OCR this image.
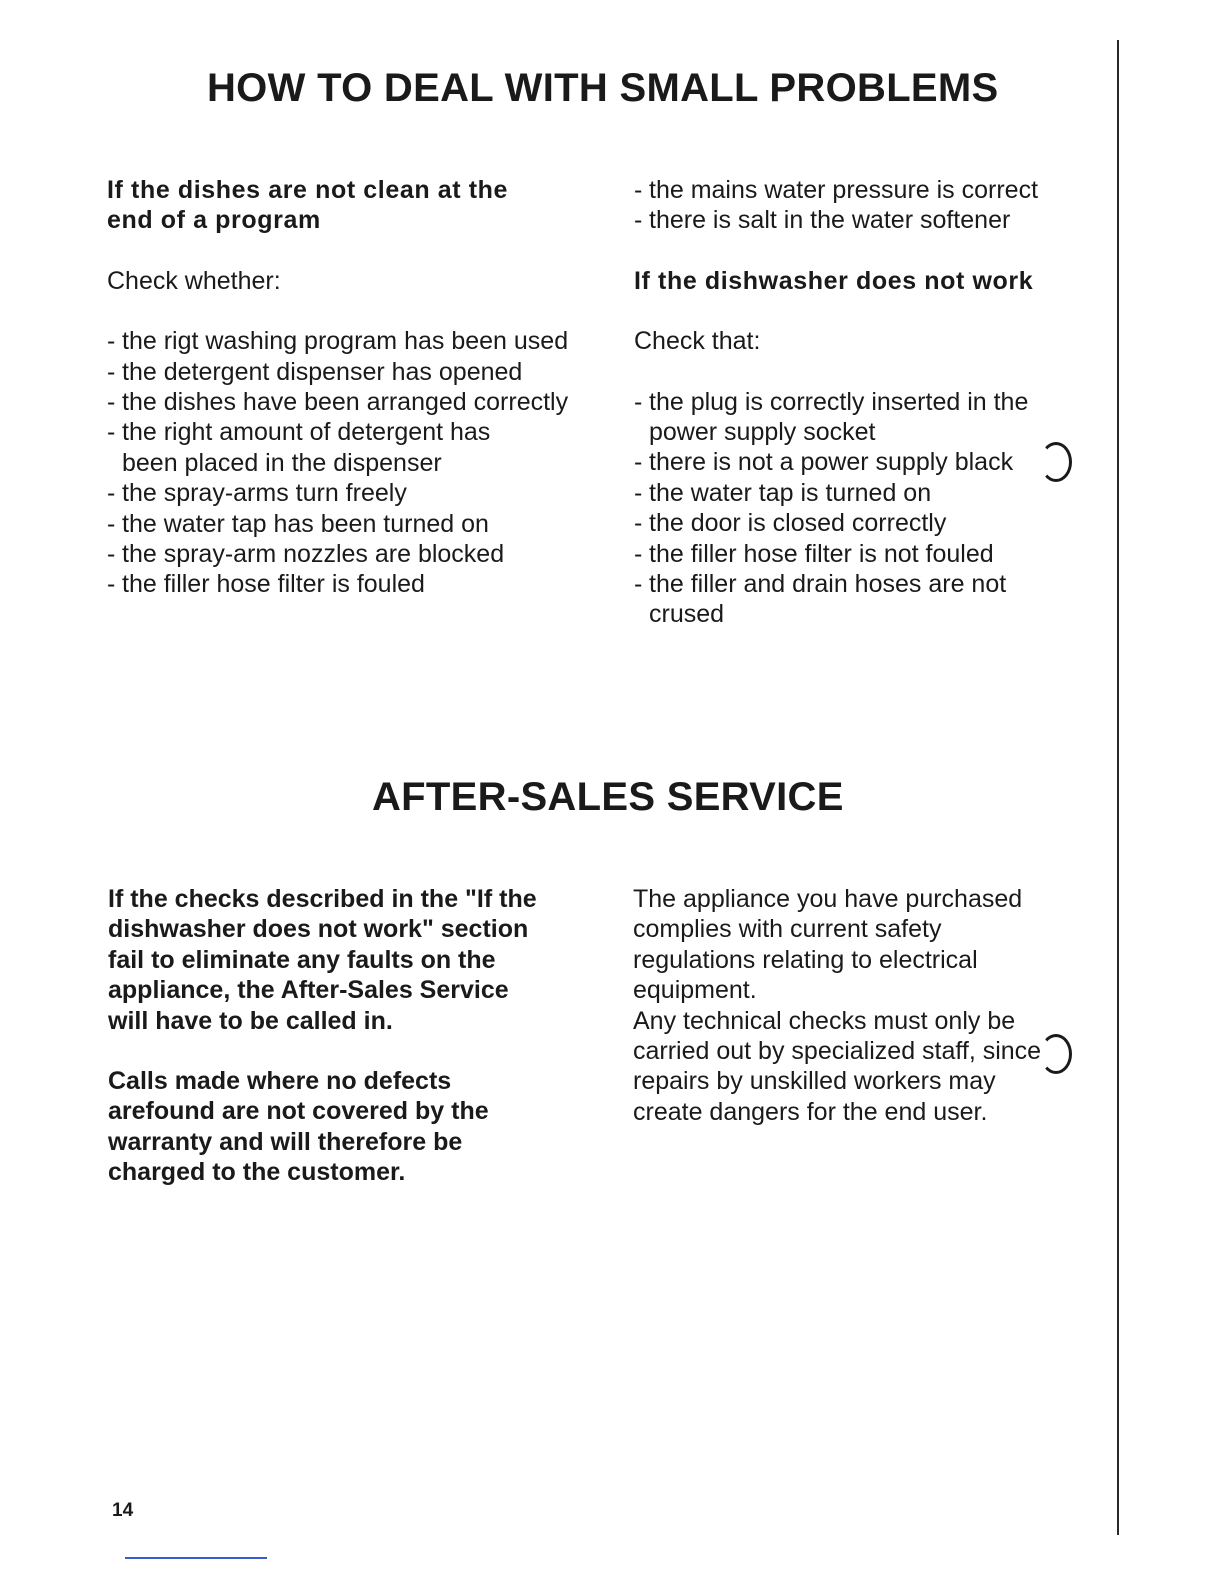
HOW TO DEAL WITH SMALL PROBLEMS

If the dishes are not clean at the end of a program

Check whether:

- the rigt washing program has been used
- the detergent dispenser has opened
- the dishes have been arranged correctly
- the right amount of detergent has been placed in the dispenser
- the spray-arms turn freely
- the water tap has been turned on
- the spray-arm nozzles are blocked
- the filler hose filter is fouled
- the mains water pressure is correct
- there is salt in the water softener

If the dishwasher does not work

Check that:

- the plug is correctly inserted in the power supply socket
- there is not a power supply black
- the water tap is turned on
- the door is closed correctly
- the filler hose filter is not fouled
- the filler and drain hoses are not crused
AFTER-SALES SERVICE

If the checks described in the "If the dishwasher does not work" section fail to eliminate any faults on the appliance, the After-Sales Service will have to be called in.

Calls made where no defects arefound are not covered by the warranty and will therefore be charged to the customer.

The appliance you have purchased complies with current safety regulations relating to electrical equipment.

Any technical checks must only be carried out by specialized staff, since repairs by unskilled workers may create dangers for the end user.

14
